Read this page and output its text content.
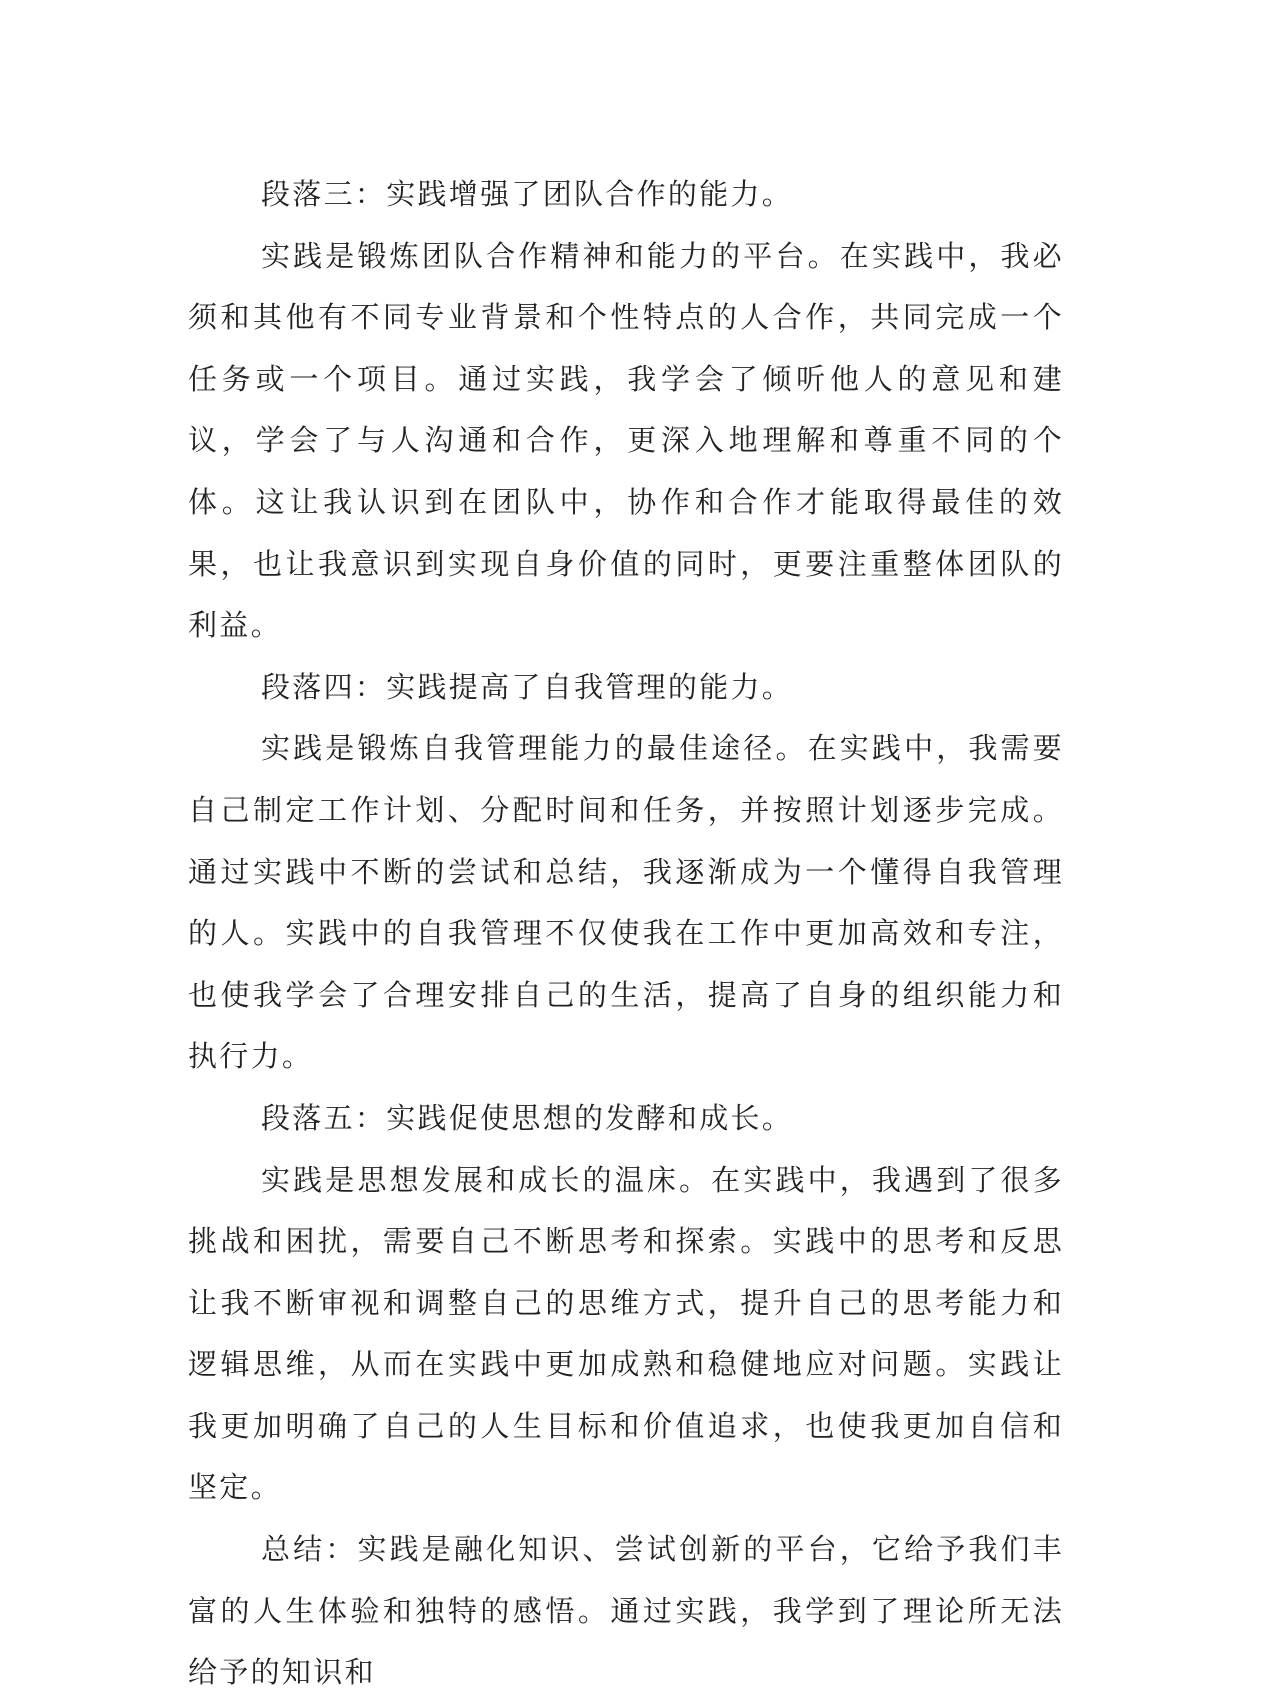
段落三：实践增强了团队合作的能力。

实践是锻炼团队合作精神和能力的平台。在实践中，我必须和其他有不同专业背景和个性特点的人合作，共同完成一个任务或一个项目。通过实践，我学会了倾听他人的意见和建议，学会了与人沟通和合作，更深入地理解和尊重不同的个体。这让我认识到在团队中，协作和合作才能取得最佳的效果，也让我意识到实现自身价值的同时，更要注重整体团队的利益。

段落四：实践提高了自我管理的能力。

实践是锻炼自我管理能力的最佳途径。在实践中，我需要自己制定工作计划、分配时间和任务，并按照计划逐步完成。通过实践中不断的尝试和总结，我逐渐成为一个懂得自我管理的人。实践中的自我管理不仅使我在工作中更加高效和专注，也使我学会了合理安排自己的生活，提高了自身的组织能力和执行力。

段落五：实践促使思想的发酵和成长。

实践是思想发展和成长的温床。在实践中，我遇到了很多挑战和困扰，需要自己不断思考和探索。实践中的思考和反思让我不断审视和调整自己的思维方式，提升自己的思考能力和逻辑思维，从而在实践中更加成熟和稳健地应对问题。实践让我更加明确了自己的人生目标和价值追求，也使我更加自信和坚定。

总结：实践是融化知识、尝试创新的平台，它给予我们丰富的人生体验和独特的感悟。通过实践，我学到了理论所无法给予的知识和
